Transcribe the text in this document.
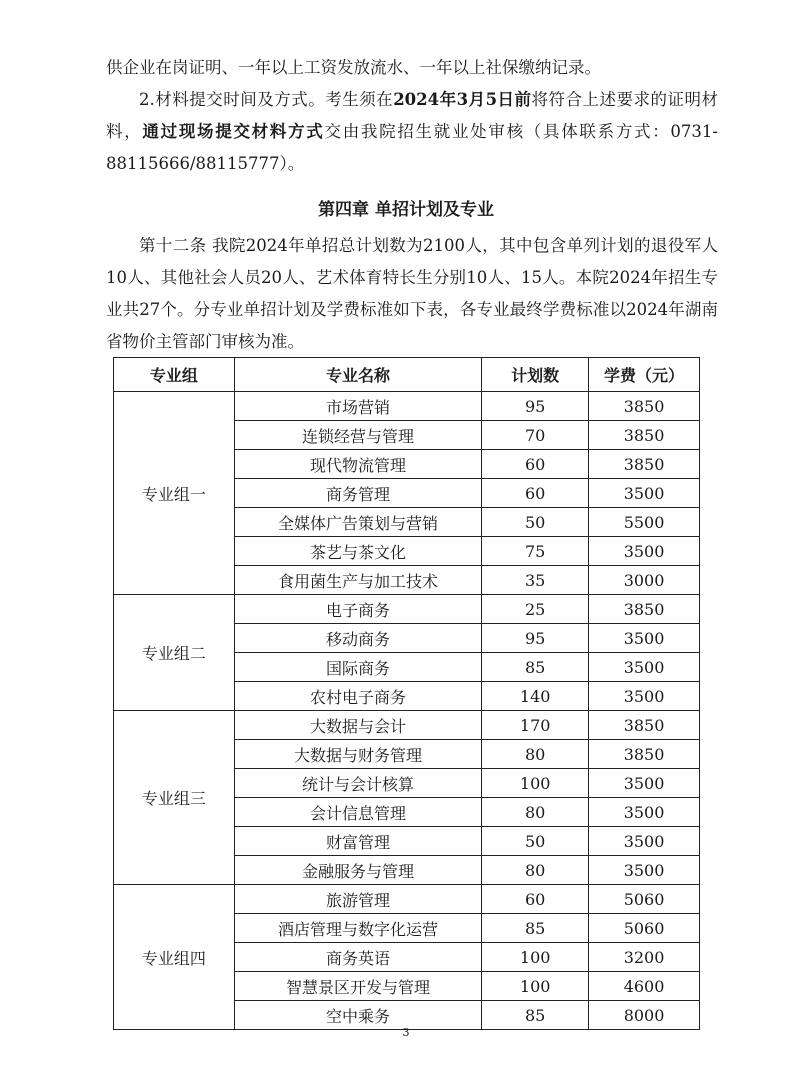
供企业在岗证明、一年以上工资发放流水、一年以上社保缴纳记录。

2.材料提交时间及方式。考生须在2024年3月5日前将符合上述要求的证明材料，通过现场提交材料方式交由我院招生就业处审核（具体联系方式：0731-88115666/88115777）。

第四章 单招计划及专业

第十二条 我院2024年单招总计划数为2100人，其中包含单列计划的退役军人10人、其他社会人员20人、艺术体育特长生分别10人、15人。本院2024年招生专业共27个。分专业单招计划及学费标准如下表，各专业最终学费标准以2024年湖南省物价主管部门审核为准。

专业组	专业名称	计划数	学费（元）
专业组一	市场营销	95	3850
	连锁经营与管理	70	3850
	现代物流管理	60	3850
	商务管理	60	3500
	全媒体广告策划与营销	50	5500
	茶艺与茶文化	75	3500
	食用菌生产与加工技术	35	3000
专业组二	电子商务	25	3850
	移动商务	95	3500
	国际商务	85	3500
	农村电子商务	140	3500
专业组三	大数据与会计	170	3850
	大数据与财务管理	80	3850
	统计与会计核算	100	3500
	会计信息管理	80	3500
	财富管理	50	3500
	金融服务与管理	80	3500
专业组四	旅游管理	60	5060
	酒店管理与数字化运营	85	5060
	商务英语	100	3200
	智慧景区开发与管理	100	4600
	空中乘务	85	8000
3
